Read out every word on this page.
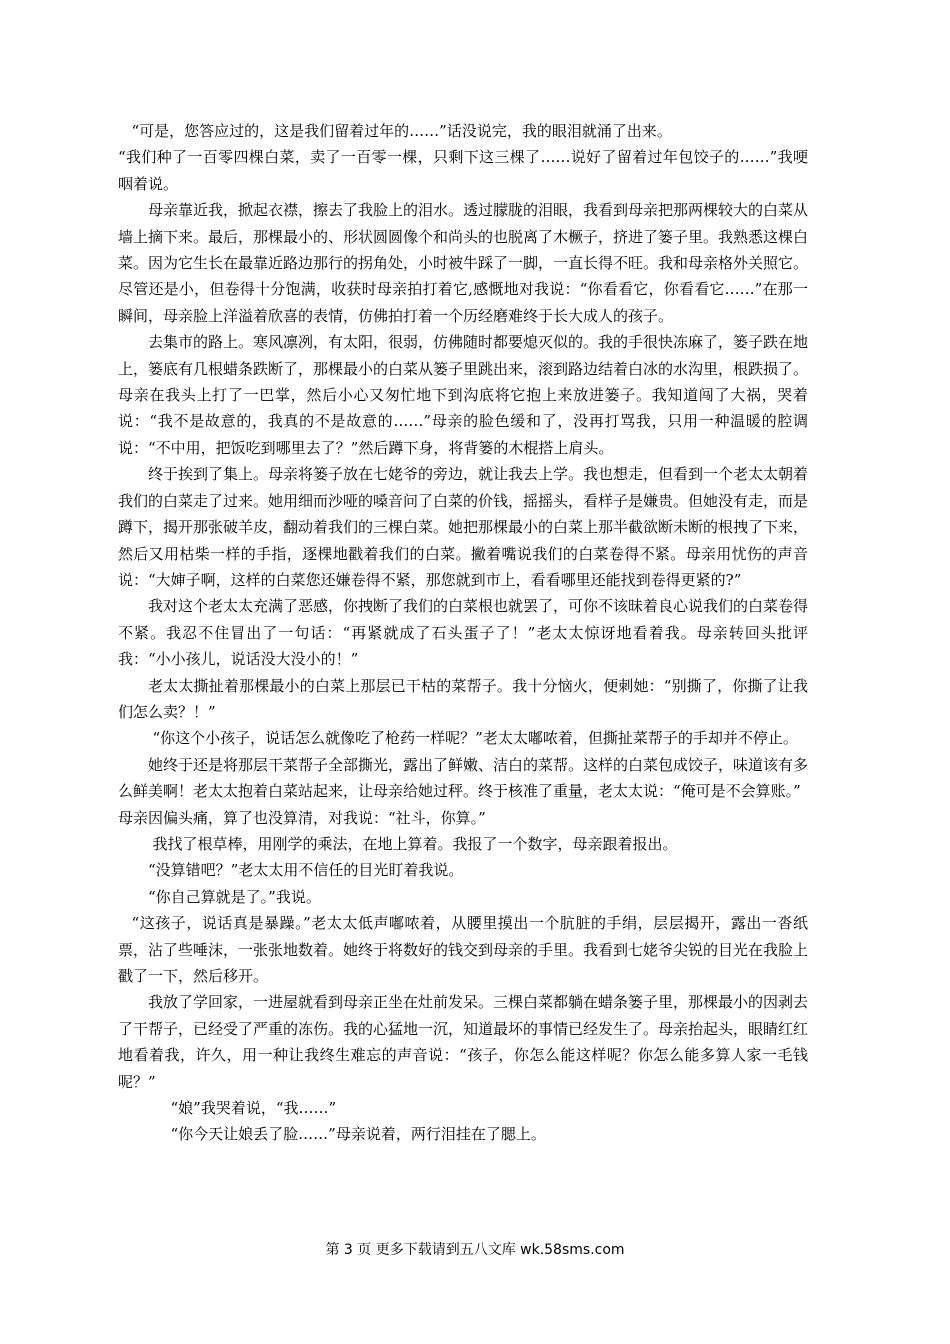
“可是，您答应过的，这是我们留着过年的……”话没说完，我的眼泪就涌了出来。

“我们种了一百零四棵白菜，卖了一百零一棵，只剩下这三棵了……说好了留着过年包饺子的……”我哽咽着说。

母亲靠近我，掀起衣襟，擦去了我脸上的泪水。透过朦胧的泪眼，我看到母亲把那两棵较大的白菜从墙上摘下来。最后，那棵最小的、形状圆圆像个和尚头的也脱离了木橛子，挤进了篓子里。我熟悉这棵白菜。因为它生长在最靠近路边那行的拐角处，小时被牛踩了一脚，一直长得不旺。我和母亲格外关照它。尽管还是小，但卷得十分饱满，收获时母亲拍打着它,感慨地对我说：“你看看它，你看看它……”在那一瞬间，母亲脸上洋溢着欣喜的表情，仿佛拍打着一个历经磨难终于长大成人的孩子。

去集市的路上。寒风凛冽，有太阳，很弱，仿佛随时都要熄灭似的。我的手很快冻麻了，篓子跌在地上，篓底有几根蜡条跌断了，那棵最小的白菜从篓子里跳出来，滚到路边结着白冰的水沟里，根跌损了。母亲在我头上打了一巴掌，然后小心又匆忙地下到沟底将它抱上来放进篓子。我知道闯了大祸，哭着说：“我不是故意的，我真的不是故意的……”母亲的脸色缓和了，没再打骂我，只用一种温暖的腔调说：“不中用，把饭吃到哪里去了？”然后蹲下身，将背篓的木棍搭上肩头。

终于挨到了集上。母亲将篓子放在七姥爷的旁边，就让我去上学。我也想走，但看到一个老太太朝着我们的白菜走了过来。她用细而沙哑的嗓音问了白菜的价钱，摇摇头，看样子是嫌贵。但她没有走，而是蹲下，揭开那张破羊皮，翻动着我们的三棵白菜。她把那棵最小的白菜上那半截欲断未断的根拽了下来，然后又用枯柴一样的手指，逐棵地戳着我们的白菜。撇着嘴说我们的白菜卷得不紧。母亲用忧伤的声音说：“大婶子啊，这样的白菜您还嫌卷得不紧，那您就到市上，看看哪里还能找到卷得更紧的?”

我对这个老太太充满了恶感，你拽断了我们的白菜根也就罢了，可你不该昧着良心说我们的白菜卷得不紧。我忍不住冒出了一句话：“再紧就成了石头蛋子了！”老太太惊讶地看着我。母亲转回头批评我：“小小孩儿，说话没大没小的！”

老太太撕扯着那棵最小的白菜上那层已干枯的菜帮子。我十分恼火，便刺她：“别撕了，你撕了让我们怎么卖？！”

“你这个小孩子，说话怎么就像吃了枪药一样呢？”老太太嘟哝着，但撕扯菜帮子的手却并不停止。

她终于还是将那层干菜帮子全部撕光，露出了鲜嫩、洁白的菜帮。这样的白菜包成饺子，味道该有多么鲜美啊！老太太抱着白菜站起来，让母亲给她过秤。终于核准了重量，老太太说：“俺可是不会算账。”

母亲因偏头痛，算了也没算清，对我说：“社斗，你算。”

我找了根草棒，用刚学的乘法，在地上算着。我报了一个数字，母亲跟着报出。

“没算错吧？”老太太用不信任的目光盯着我说。

“你自己算就是了。”我说。

“这孩子，说话真是暴躁。”老太太低声嘟哝着，从腰里摸出一个肮脏的手绢，层层揭开，露出一沓纸票，沾了些唾沫，一张张地数着。她终于将数好的钱交到母亲的手里。我看到七姥爷尖锐的目光在我脸上戳了一下，然后移开。

我放了学回家，一进屋就看到母亲正坐在灶前发呆。三棵白菜都躺在蜡条篓子里，那棵最小的因剥去了干帮子，已经受了严重的冻伤。我的心猛地一沉，知道最坏的事情已经发生了。母亲抬起头，眼睛红红地看着我，许久，用一种让我终生难忘的声音说：“孩子，你怎么能这样呢？你怎么能多算人家一毛钱呢？”

“娘”我哭着说，“我……”

“你今天让娘丢了脸……”母亲说着，两行泪挂在了腮上。

第 3 页 更多下载请到五八文库 wk.58sms.com
